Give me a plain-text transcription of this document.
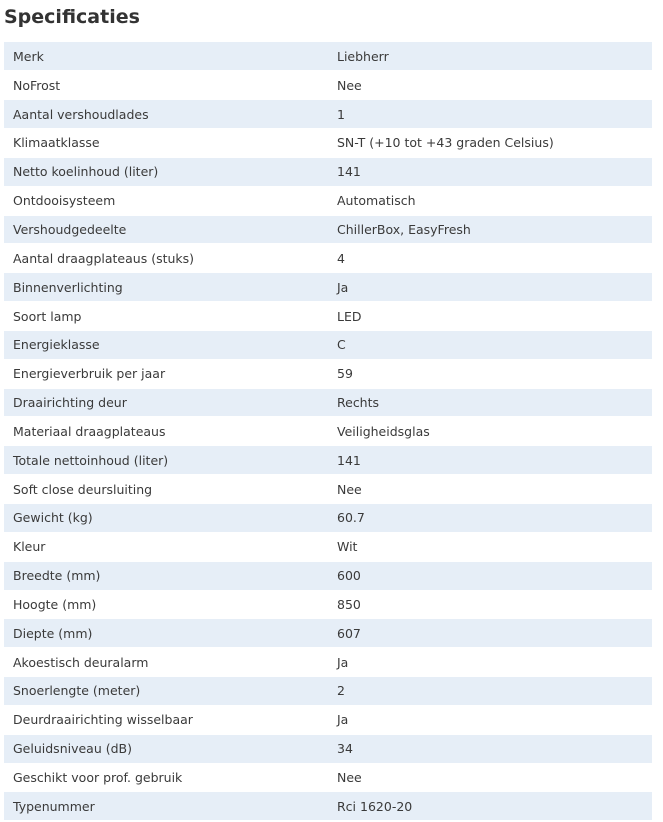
Specificaties
Merk	Liebherr
NoFrost	Nee
Aantal vershoudlades	1
Klimaatklasse	SN-T (+10 tot +43 graden Celsius)
Netto koelinhoud (liter)	141
Ontdooisysteem	Automatisch
Vershoudgedeelte	ChillerBox, EasyFresh
Aantal draagplateaus (stuks)	4
Binnenverlichting	Ja
Soort lamp	LED
Energieklasse	C
Energieverbruik per jaar	59
Draairichting deur	Rechts
Materiaal draagplateaus	Veiligheidsglas
Totale nettoinhoud (liter)	141
Soft close deursluiting	Nee
Gewicht (kg)	60.7
Kleur	Wit
Breedte (mm)	600
Hoogte (mm)	850
Diepte (mm)	607
Akoestisch deuralarm	Ja
Snoerlengte (meter)	2
Deurdraairichting wisselbaar	Ja
Geluidsniveau (dB)	34
Geschikt voor prof. gebruik	Nee
Typenummer	Rci 1620-20
